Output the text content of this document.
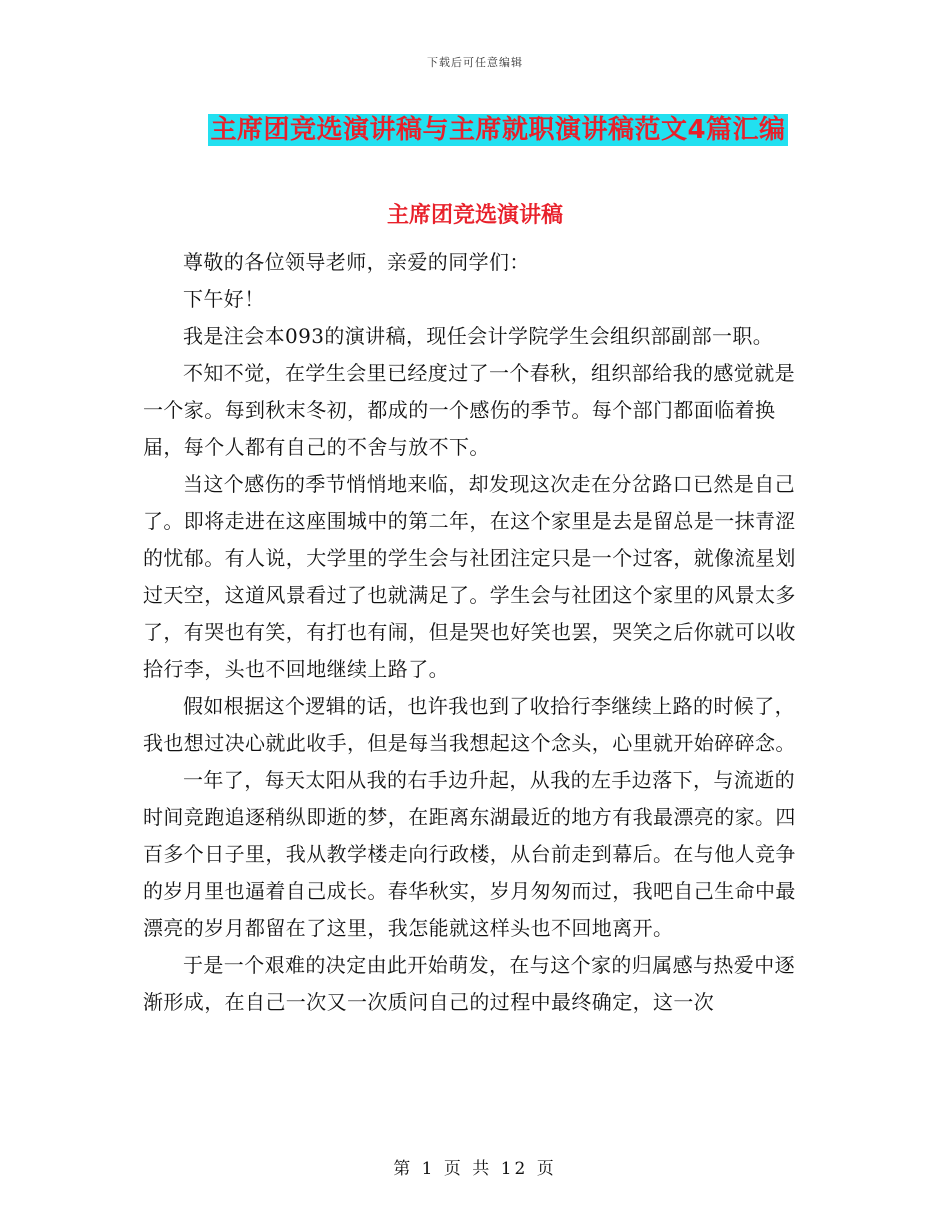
下载后可任意编辑
主席团竞选演讲稿与主席就职演讲稿范文4篇汇编
主席团竞选演讲稿

尊敬的各位领导老师，亲爱的同学们：

下午好！

我是注会本093的演讲稿，现任会计学院学生会组织部副部一职。

不知不觉，在学生会里已经度过了一个春秋，组织部给我的感觉就是一个家。每到秋末冬初，都成的一个感伤的季节。每个部门都面临着换届，每个人都有自己的不舍与放不下。

当这个感伤的季节悄悄地来临，却发现这次走在分岔路口已然是自己了。即将走进在这座围城中的第二年，在这个家里是去是留总是一抹青涩的忧郁。有人说，大学里的学生会与社团注定只是一个过客，就像流星划过天空，这道风景看过了也就满足了。学生会与社团这个家里的风景太多了，有哭也有笑，有打也有闹，但是哭也好笑也罢，哭笑之后你就可以收拾行李，头也不回地继续上路了。

假如根据这个逻辑的话，也许我也到了收拾行李继续上路的时候了，我也想过决心就此收手，但是每当我想起这个念头，心里就开始碎碎念。

一年了，每天太阳从我的右手边升起，从我的左手边落下，与流逝的时间竞跑追逐稍纵即逝的梦，在距离东湖最近的地方有我最漂亮的家。四百多个日子里，我从教学楼走向行政楼，从台前走到幕后。在与他人竞争的岁月里也逼着自己成长。春华秋实，岁月匆匆而过，我吧自己生命中最漂亮的岁月都留在了这里，我怎能就这样头也不回地离开。

于是一个艰难的决定由此开始萌发，在与这个家的归属感与热爱中逐渐形成，在自己一次又一次质问自己的过程中最终确定，这一次

第 1 页 共 12 页
